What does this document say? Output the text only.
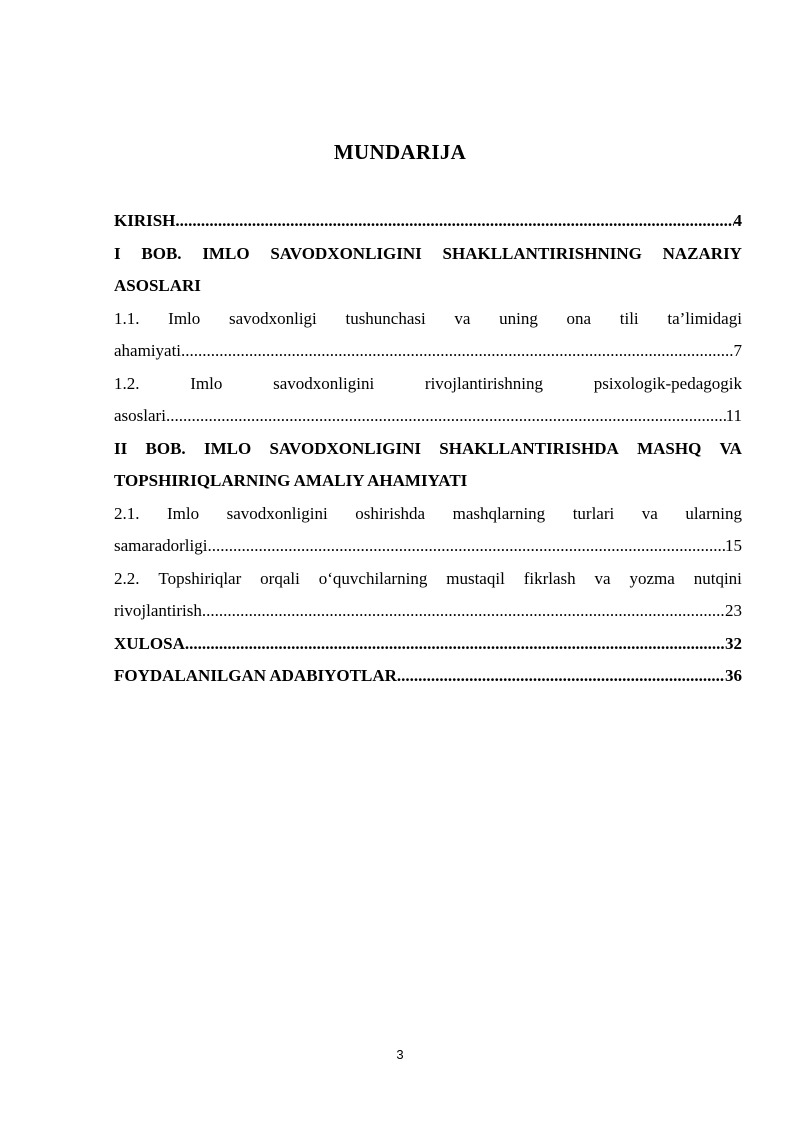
MUNDARIJA
KIRISH .....	4
I BOB. IMLO SAVODXONLIGINI SHAKLLANTIRISHNING NAZARIY
ASOSLARI
1.1. Imlo savodxonligi tushunchasi va uning ona tili ta’limidagi
ahamiyati .....	7
1.2.	Imlo	savodxonligini	rivojlantirishning	psixologik-pedagogik
asoslari .....	11
II BOB. IMLO SAVODXONLIGINI SHAKLLANTIRISHDA MASHQ VA
TOPSHIRIQLARNING AMALIY AHAMIYATI
2.1. Imlo savodxonligini oshirishda mashqlarning turlari va ularning
samaradorligi .....	15
2.2. Topshiriqlar orqali o‘quvchilarning mustaqil fikrlash va yozma nutqini
rivojlantirish .....	23
XULOSA .....	32
FOYDALANILGAN ADABIYOTLAR .....	36
3
